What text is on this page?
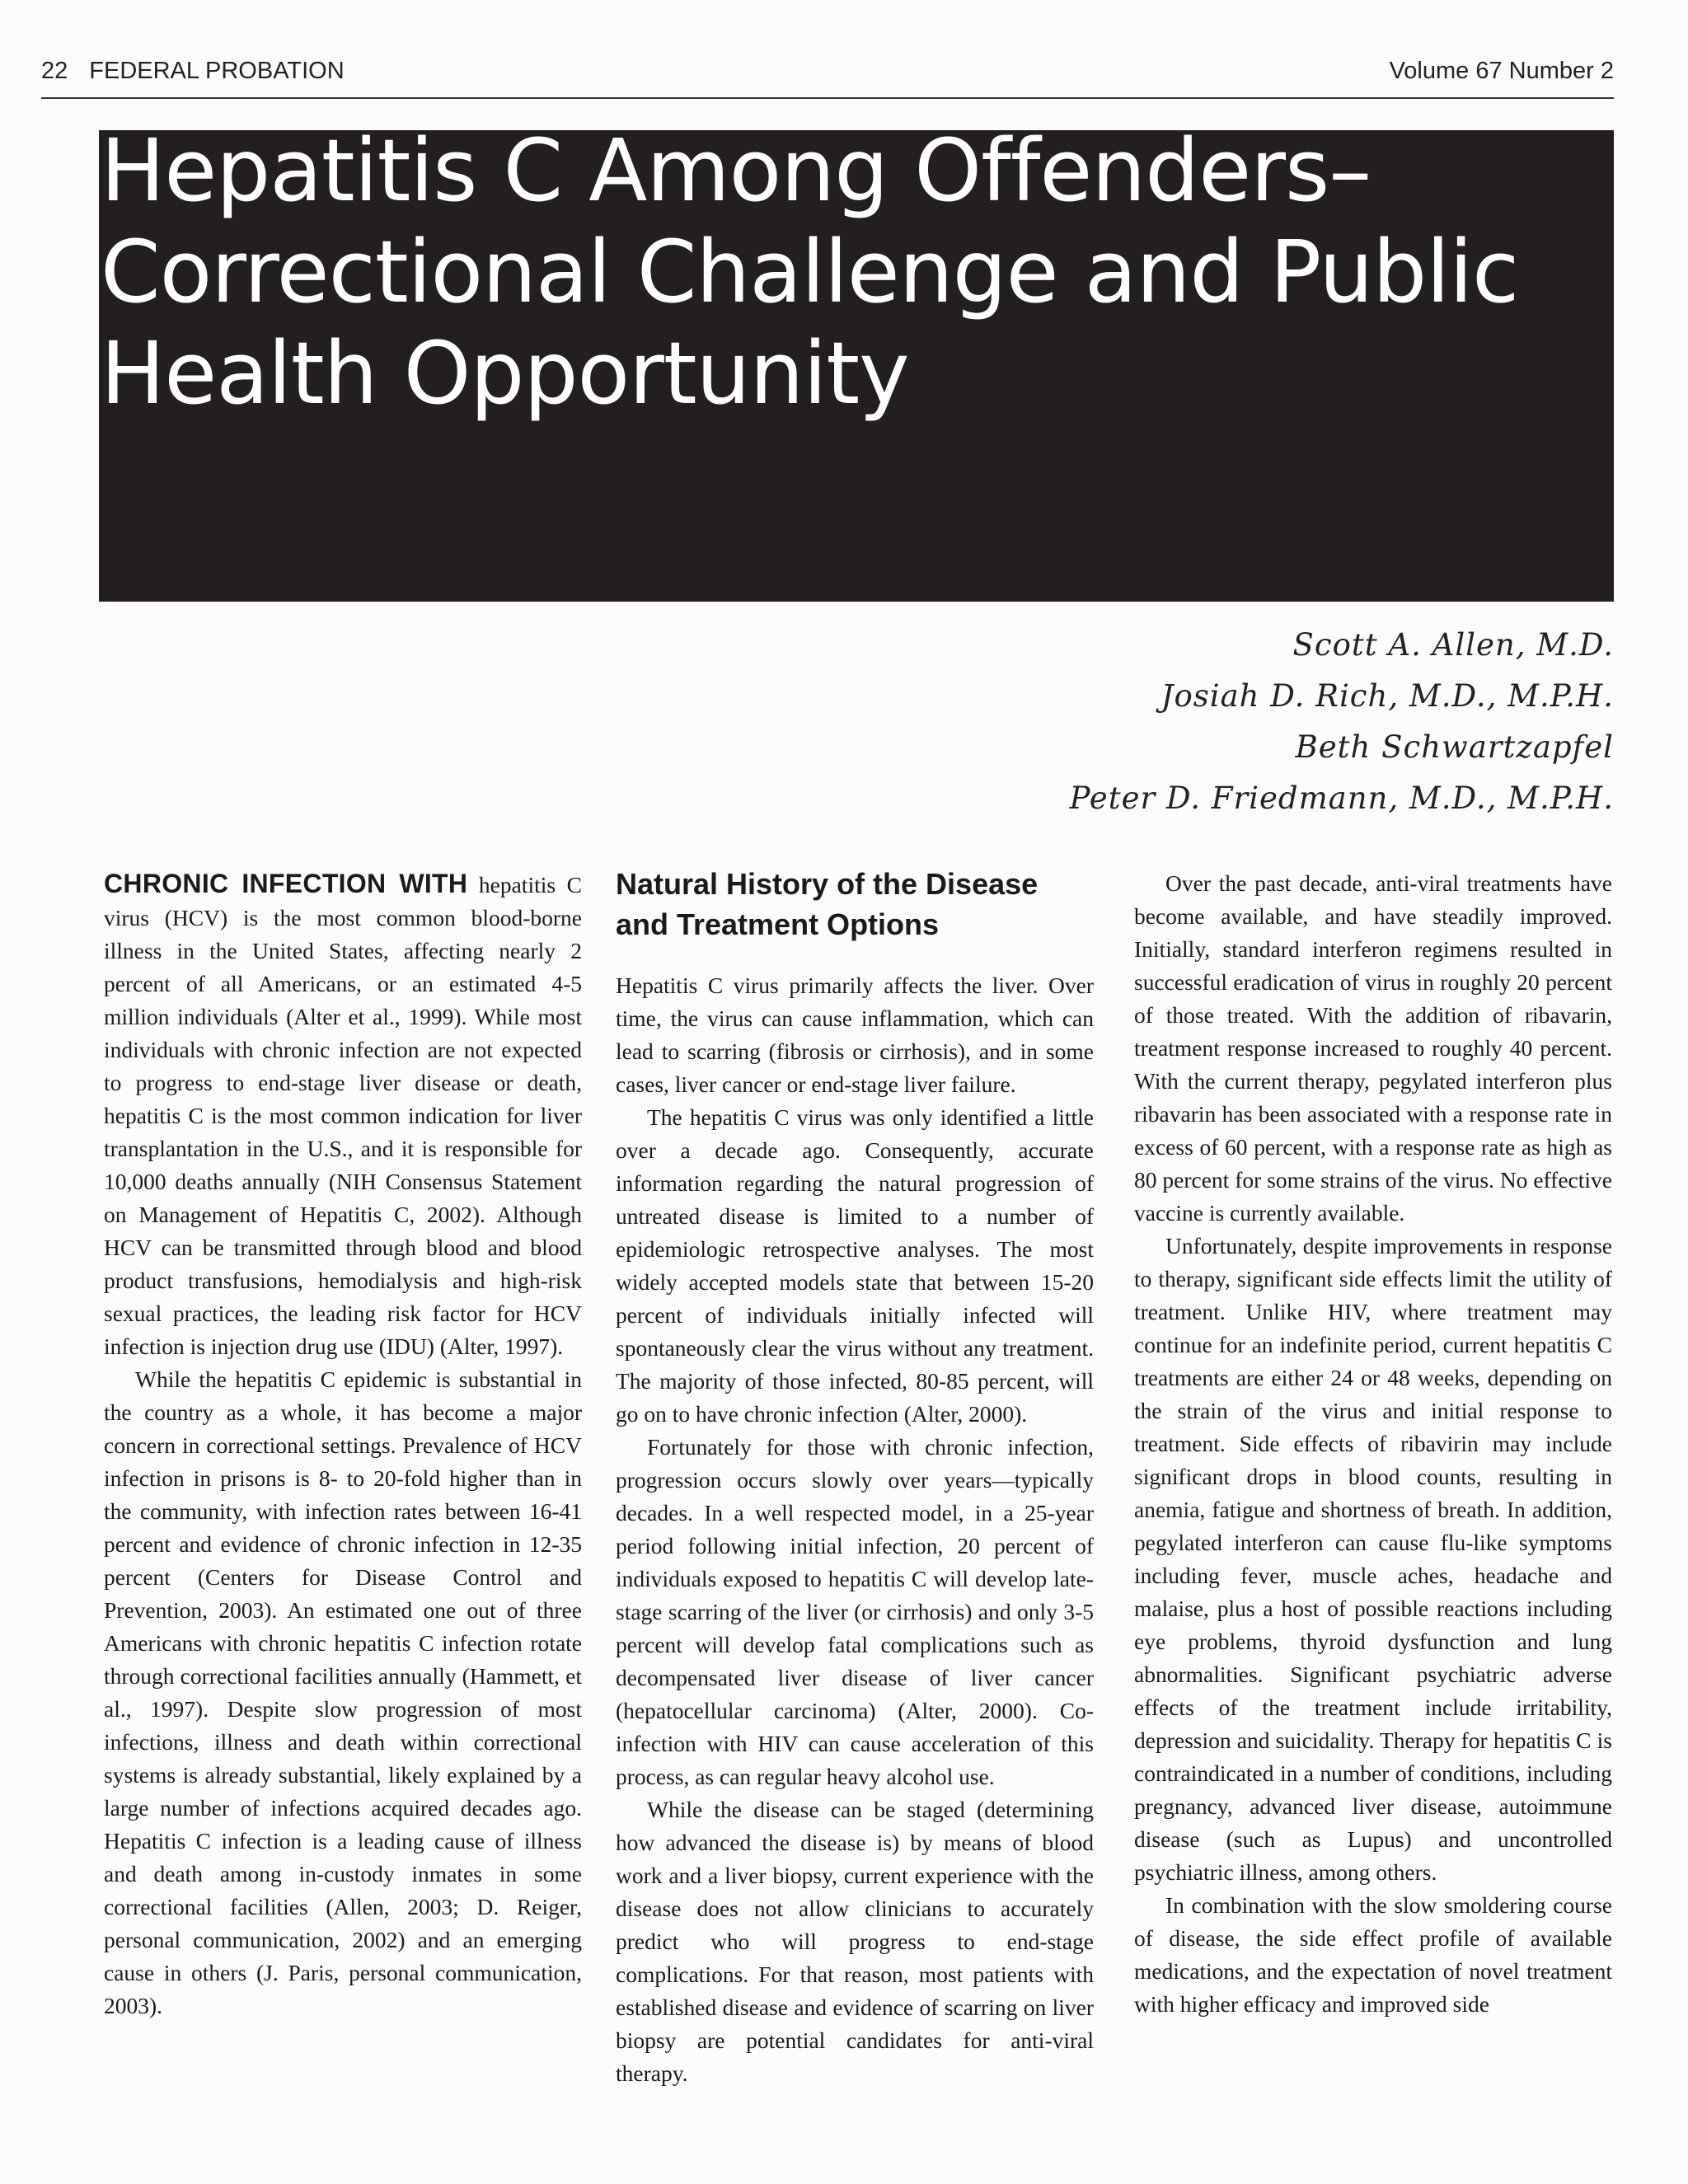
22 FEDERAL PROBATION	Volume 67 Number 2
Hepatitis C Among Offenders–Correctional Challenge and Public Health Opportunity
Scott A. Allen, M.D.
Josiah D. Rich, M.D., M.P.H.
Beth Schwartzapfel
Peter D. Friedmann, M.D., M.P.H.

CHRONIC INFECTION WITH hepatitis C virus (HCV) is the most common blood-borne illness in the United States, affecting nearly 2 percent of all Americans, or an estimated 4-5 million individuals (Alter et al., 1999). While most individuals with chronic infection are not expected to progress to end-stage liver disease or death, hepatitis C is the most common indication for liver transplantation in the U.S., and it is responsible for 10,000 deaths annually (NIH Consensus Statement on Management of Hepatitis C, 2002). Although HCV can be transmitted through blood and blood product transfusions, hemodialysis and high-risk sexual practices, the leading risk factor for HCV infection is injection drug use (IDU) (Alter, 1997).

While the hepatitis C epidemic is substantial in the country as a whole, it has become a major concern in correctional settings. Prevalence of HCV infection in prisons is 8- to 20-fold higher than in the community, with infection rates between 16-41 percent and evidence of chronic infection in 12-35 percent (Centers for Disease Control and Prevention, 2003). An estimated one out of three Americans with chronic hepatitis C infection rotate through correctional facilities annually (Hammett, et al., 1997). Despite slow progression of most infections, illness and death within correctional systems is already substantial, likely explained by a large number of infections acquired decades ago. Hepatitis C infection is a leading cause of illness and death among in-custody inmates in some correctional facilities (Allen, 2003; D. Reiger, personal communication, 2002) and an emerging cause in others (J. Paris, personal communication, 2003).

Natural History of the Disease and Treatment Options

Hepatitis C virus primarily affects the liver. Over time, the virus can cause inflammation, which can lead to scarring (fibrosis or cirrhosis), and in some cases, liver cancer or end-stage liver failure.

The hepatitis C virus was only identified a little over a decade ago. Consequently, accurate information regarding the natural progression of untreated disease is limited to a number of epidemiologic retrospective analyses. The most widely accepted models state that between 15-20 percent of individuals initially infected will spontaneously clear the virus without any treatment. The majority of those infected, 80-85 percent, will go on to have chronic infection (Alter, 2000).

Fortunately for those with chronic infection, progression occurs slowly over years—typically decades. In a well respected model, in a 25-year period following initial infection, 20 percent of individuals exposed to hepatitis C will develop late-stage scarring of the liver (or cirrhosis) and only 3-5 percent will develop fatal complications such as decompensated liver disease of liver cancer (hepatocellular carcinoma) (Alter, 2000). Co-infection with HIV can cause acceleration of this process, as can regular heavy alcohol use.

While the disease can be staged (determining how advanced the disease is) by means of blood work and a liver biopsy, current experience with the disease does not allow clinicians to accurately predict who will progress to end-stage complications. For that reason, most patients with established disease and evidence of scarring on liver biopsy are potential candidates for anti-viral therapy.

Over the past decade, anti-viral treatments have become available, and have steadily improved. Initially, standard interferon regimens resulted in successful eradication of virus in roughly 20 percent of those treated. With the addition of ribavarin, treatment response increased to roughly 40 percent. With the current therapy, pegylated interferon plus ribavarin has been associated with a response rate in excess of 60 percent, with a response rate as high as 80 percent for some strains of the virus. No effective vaccine is currently available.

Unfortunately, despite improvements in response to therapy, significant side effects limit the utility of treatment. Unlike HIV, where treatment may continue for an indefinite period, current hepatitis C treatments are either 24 or 48 weeks, depending on the strain of the virus and initial response to treatment. Side effects of ribavirin may include significant drops in blood counts, resulting in anemia, fatigue and shortness of breath. In addition, pegylated interferon can cause flu-like symptoms including fever, muscle aches, headache and malaise, plus a host of possible reactions including eye problems, thyroid dysfunction and lung abnormalities. Significant psychiatric adverse effects of the treatment include irritability, depression and suicidality. Therapy for hepatitis C is contraindicated in a number of conditions, including pregnancy, advanced liver disease, autoimmune disease (such as Lupus) and uncontrolled psychiatric illness, among others.

In combination with the slow smoldering course of disease, the side effect profile of available medications, and the expectation of novel treatment with higher efficacy and improved side
